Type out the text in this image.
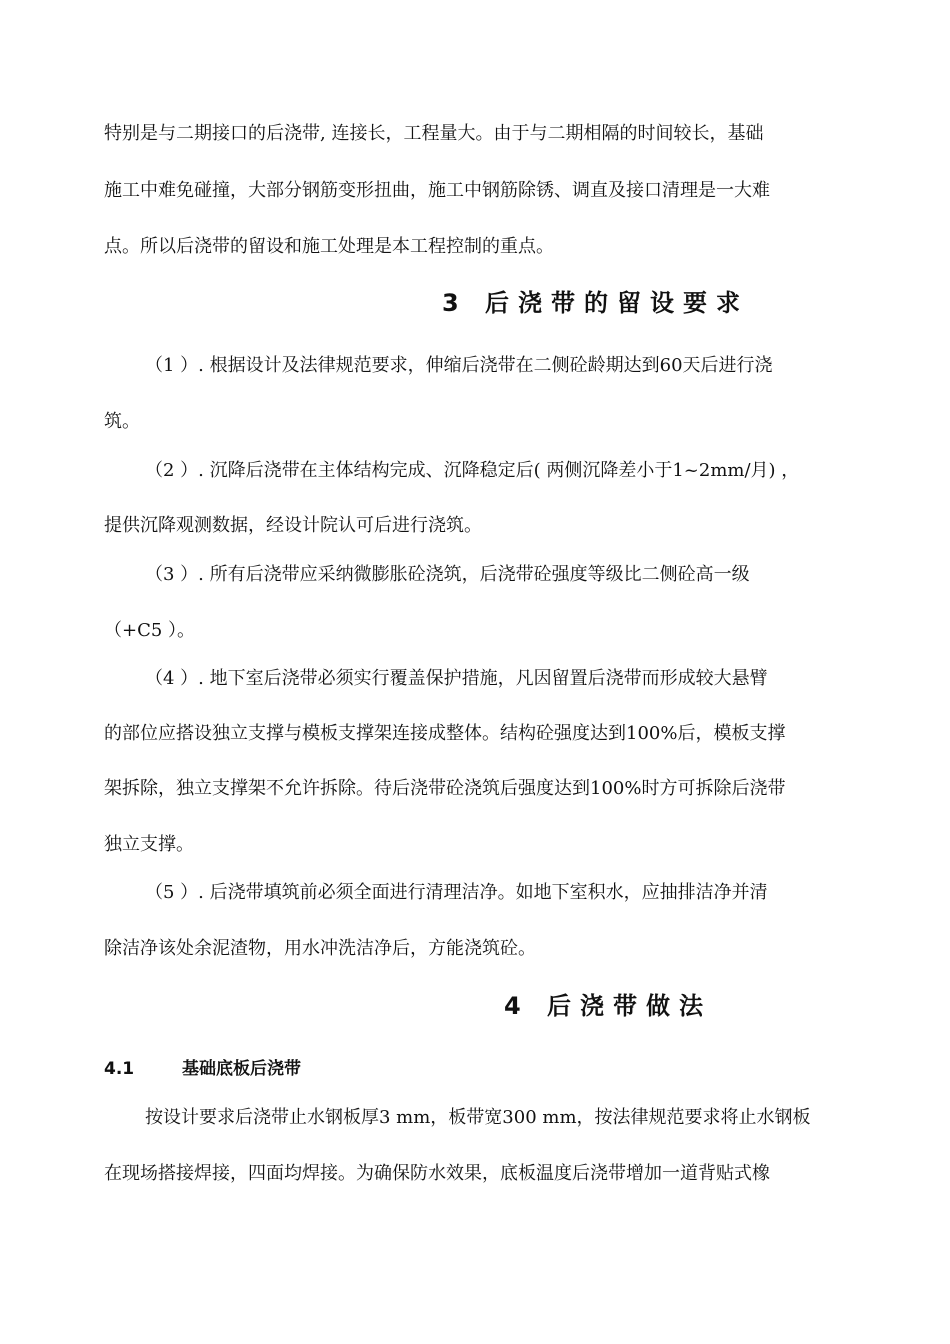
特别是与二期接口的后浇带, 连接长，工程量大。由于与二期相隔的时间较长，基础
施工中难免碰撞，大部分钢筋变形扭曲，施工中钢筋除锈、调直及接口清理是一大难
点。所以后浇带的留设和施工处理是本工程控制的重点。
3 后浇带的留设要求
（1 ）. 根据设计及法律规范要求，伸缩后浇带在二侧砼龄期达到60天后进行浇
筑。
（2 ）. 沉降后浇带在主体结构完成、沉降稳定后( 两侧沉降差小于1~2mm/月) ，
提供沉降观测数据，经设计院认可后进行浇筑。
（3 ）. 所有后浇带应采纳微膨胀砼浇筑，后浇带砼强度等级比二侧砼高一级
（+C5 ）。
（4 ）. 地下室后浇带必须实行覆盖保护措施，凡因留置后浇带而形成较大悬臂
的部位应搭设独立支撑与模板支撑架连接成整体。结构砼强度达到100%后，模板支撑
架拆除，独立支撑架不允许拆除。待后浇带砼浇筑后强度达到100%时方可拆除后浇带
独立支撑。
（5 ）. 后浇带填筑前必须全面进行清理洁净。如地下室积水，应抽排洁净并清
除洁净该处余泥渣物，用水冲洗洁净后，方能浇筑砼。
4 后浇带做法
4.1	基础底板后浇带
按设计要求后浇带止水钢板厚3 mm，板带宽300 mm，按法律规范要求将止水钢板
在现场搭接焊接，四面均焊接。为确保防水效果，底板温度后浇带增加一道背贴式橡
